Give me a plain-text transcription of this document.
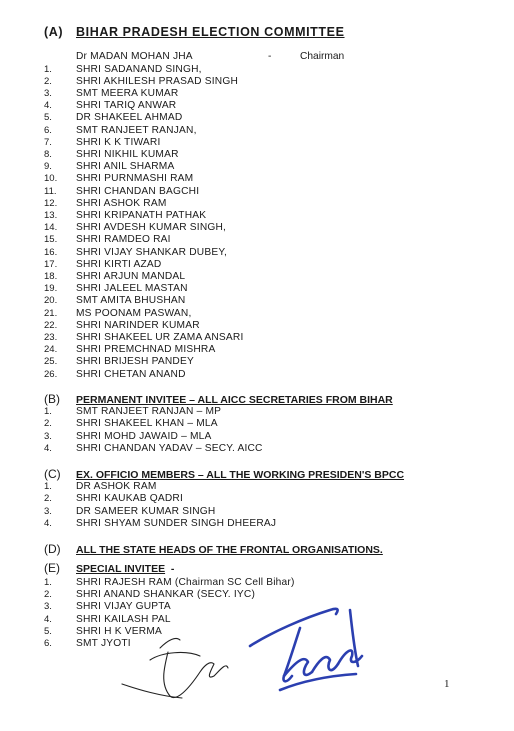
(A) BIHAR PRADESH ELECTION COMMITTEE
Dr MADAN MOHAN JHA	-	Chairman
1. SHRI SADANAND SINGH,
2. SHRI AKHILESH PRASAD SINGH
3. SMT MEERA KUMAR
4. SHRI TARIQ ANWAR
5. DR SHAKEEL AHMAD
6. SMT RANJEET RANJAN,
7. SHRI K K TIWARI
8. SHRI NIKHIL KUMAR
9. SHRI ANIL SHARMA
10. SHRI PURNMASHI RAM
11. SHRI CHANDAN BAGCHI
12. SHRI ASHOK RAM
13. SHRI KRIPANATH PATHAK
14. SHRI AVDESH KUMAR SINGH,
15. SHRI RAMDEO RAI
16. SHRI VIJAY SHANKAR DUBEY,
17. SHRI KIRTI AZAD
18. SHRI ARJUN MANDAL
19. SHRI JALEEL MASTAN
20. SMT AMITA BHUSHAN
21. MS POONAM PASWAN,
22. SHRI NARINDER KUMAR
23. SHRI SHAKEEL UR ZAMA ANSARI
24. SHRI PREMCHNAD MISHRA
25. SHRI BRIJESH PANDEY
26. SHRI CHETAN ANAND
(B) PERMANENT INVITEE – ALL AICC SECRETARIES FROM BIHAR
1. SMT RANJEET RANJAN – MP
2. SHRI SHAKEEL KHAN – MLA
3. SHRI MOHD JAWAID – MLA
4. SHRI CHANDAN YADAV – SECY. AICC
(C) EX. OFFICIO MEMBERS – ALL THE WORKING PRESIDEN'S BPCC
1. DR ASHOK RAM
2. SHRI KAUKAB QADRI
3. DR SAMEER KUMAR SINGH
4. SHRI SHYAM SUNDER SINGH DHEERAJ
(D) ALL THE STATE HEADS OF THE FRONTAL ORGANISATIONS.
(E) SPECIAL INVITEE -
1. SHRI RAJESH RAM (Chairman SC Cell Bihar)
2. SHRI ANAND SHANKAR (SECY. IYC)
3. SHRI VIJAY GUPTA
4. SHRI KAILASH PAL
5. SHRI H K VERMA
6. SMT JYOTI
1
